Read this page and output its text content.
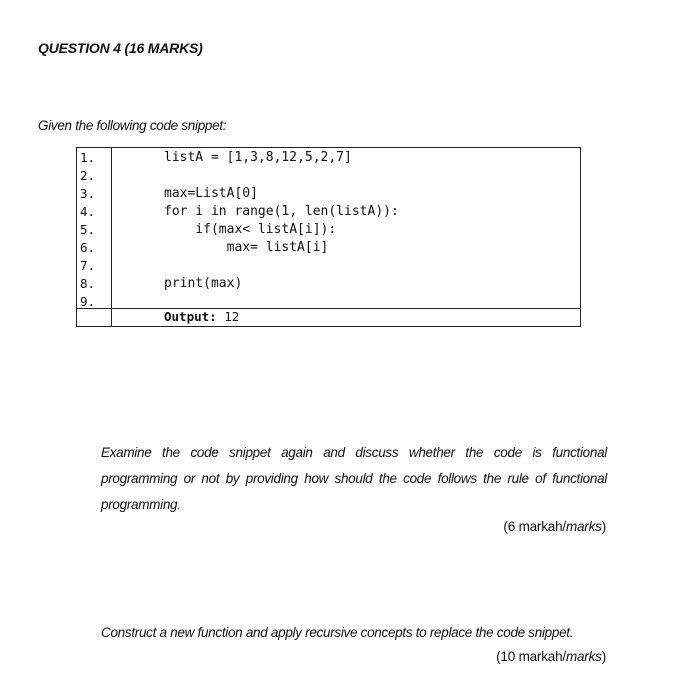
QUESTION 4 (16 MARKS)
Given the following code snippet:
1.
2.
3.
4.
5.
6.
7.
8.
9.
listA = [1,3,8,12,5,2,7]
max=ListA[0]
for i in range(1, len(listA)):
if(max< listA[i]):
max= listA[i]
print(max)
Output: 12
Examine the code snippet again and discuss whether the code is functional programming or not by providing how should the code follows the rule of functional programming.
(6 markah/marks)
Construct a new function and apply recursive concepts to replace the code snippet.
(10 markah/marks)
